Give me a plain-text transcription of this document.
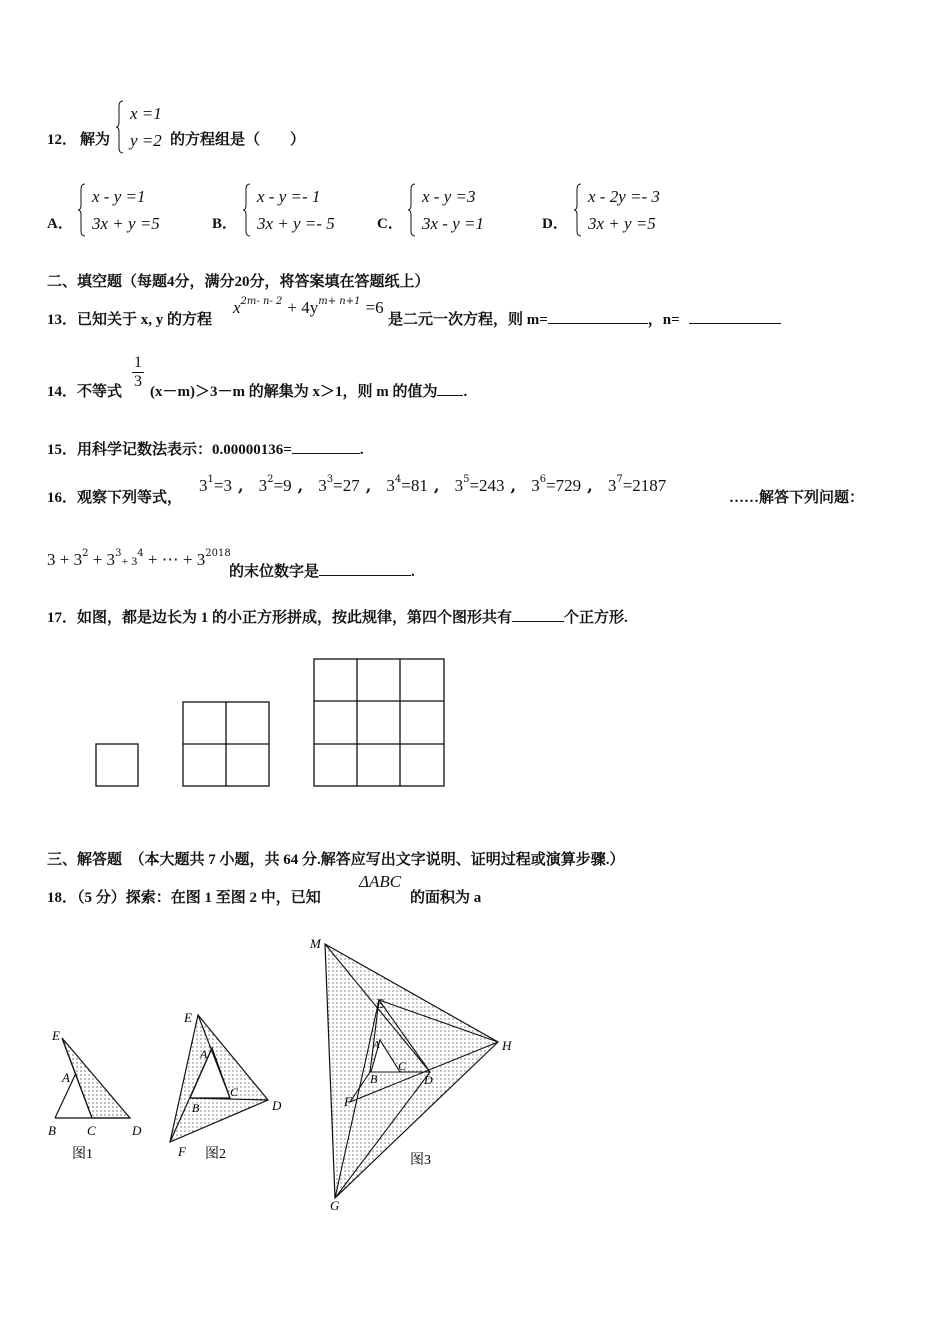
12． 解为
x =1
y =2 的方程组是（　　）
A．
x - y =1
3x + y =5	B．
x - y =- 1
3x + y =- 5	C．
x - y =3
3x - y =1	D．
x - 2y =- 3
3x + y =5
二、填空题（每题4分，满分20分，将答案填在答题纸上）
13．已知关于 x, y 的方程
$x^{2m- n- 2} + 4y^{m+ n+1} =6$
是二元一次方程，则 m=	，n=
14．不等式
1
3
(x－m)＞3－m 的解集为 x＞1，则 m 的值为 .
15．用科学记数法表示：0.00000136=	.
16．观察下列等式，
$3^1=3$ , $3^2=9$ , $3^3=27$ , $3^4=81$ , $3^5=243$ , $3^6=729$ , $3^7=2187$
……解答下列问题：
$3 + 3^2 + 3^3+ 3^4$ + ⋯ + $3^{2018}$
的末位数字是	.
17．如图，都是边长为 1 的小正方形拼成，按此规律，第四个图形共有	个正方形.
三、解答题　（本大题共 7 小题，共 64 分.解答应写出文字说明、证明过程或演算步骤.）
18．（5 分）探索：在图 1 至图 2 中，已知
ΔABC
的面积为 a
E
A
B C	D
图1
E
A
B
C
D
F 图2
M
E
A
B
C
D
H
F
G
图3
